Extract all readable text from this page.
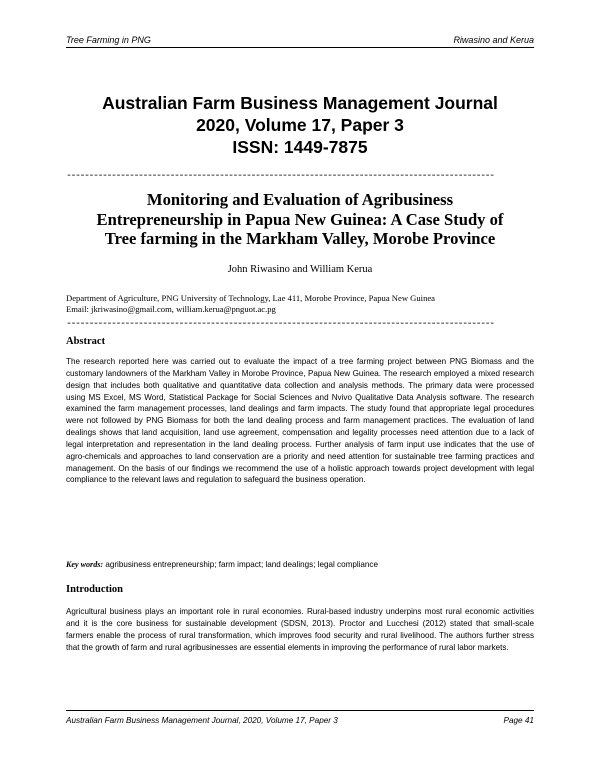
Tree Farming in PNG	Riwasino and Kerua
Australian Farm Business Management Journal
2020, Volume 17, Paper 3
ISSN: 1449-7875
-----------------------------------------------------------------------------------------------
Monitoring and Evaluation of Agribusiness
Entrepreneurship in Papua New Guinea: A Case Study of
Tree farming in the Markham Valley, Morobe Province
John Riwasino and William Kerua
Department of Agriculture, PNG University of Technology, Lae 411, Morobe Province, Papua New Guinea
Email: jkriwasino@gmail.com, william.kerua@pnguot.ac.pg
-----------------------------------------------------------------------------------------------
Abstract
The research reported here was carried out to evaluate the impact of a tree farming project between PNG Biomass and the customary landowners of the Markham Valley in Morobe Province, Papua New Guinea. The research employed a mixed research design that includes both qualitative and quantitative data collection and analysis methods. The primary data were processed using MS Excel, MS Word, Statistical Package for Social Sciences and Nvivo Qualitative Data Analysis software. The research examined the farm management processes, land dealings and farm impacts. The study found that appropriate legal procedures were not followed by PNG Biomass for both the land dealing process and farm management practices. The evaluation of land dealings shows that land acquisition, land use agreement, compensation and legality processes need attention due to a lack of legal interpretation and representation in the land dealing process. Further analysis of farm input use indicates that the use of agro-chemicals and approaches to land conservation are a priority and need attention for sustainable tree farming practices and management. On the basis of our findings we recommend the use of a holistic approach towards project development with legal compliance to the relevant laws and regulation to safeguard the business operation.
Key words: agribusiness entrepreneurship; farm impact; land dealings; legal compliance
Introduction
Agricultural business plays an important role in rural economies. Rural-based industry underpins most rural economic activities and it is the core business for sustainable development (SDSN, 2013). Proctor and Lucchesi (2012) stated that small-scale farmers enable the process of rural transformation, which improves food security and rural livelihood. The authors further stress that the growth of farm and rural agribusinesses are essential elements in improving the performance of rural labor markets.
Australian Farm Business Management Journal, 2020, Volume 17, Paper 3	Page 41
